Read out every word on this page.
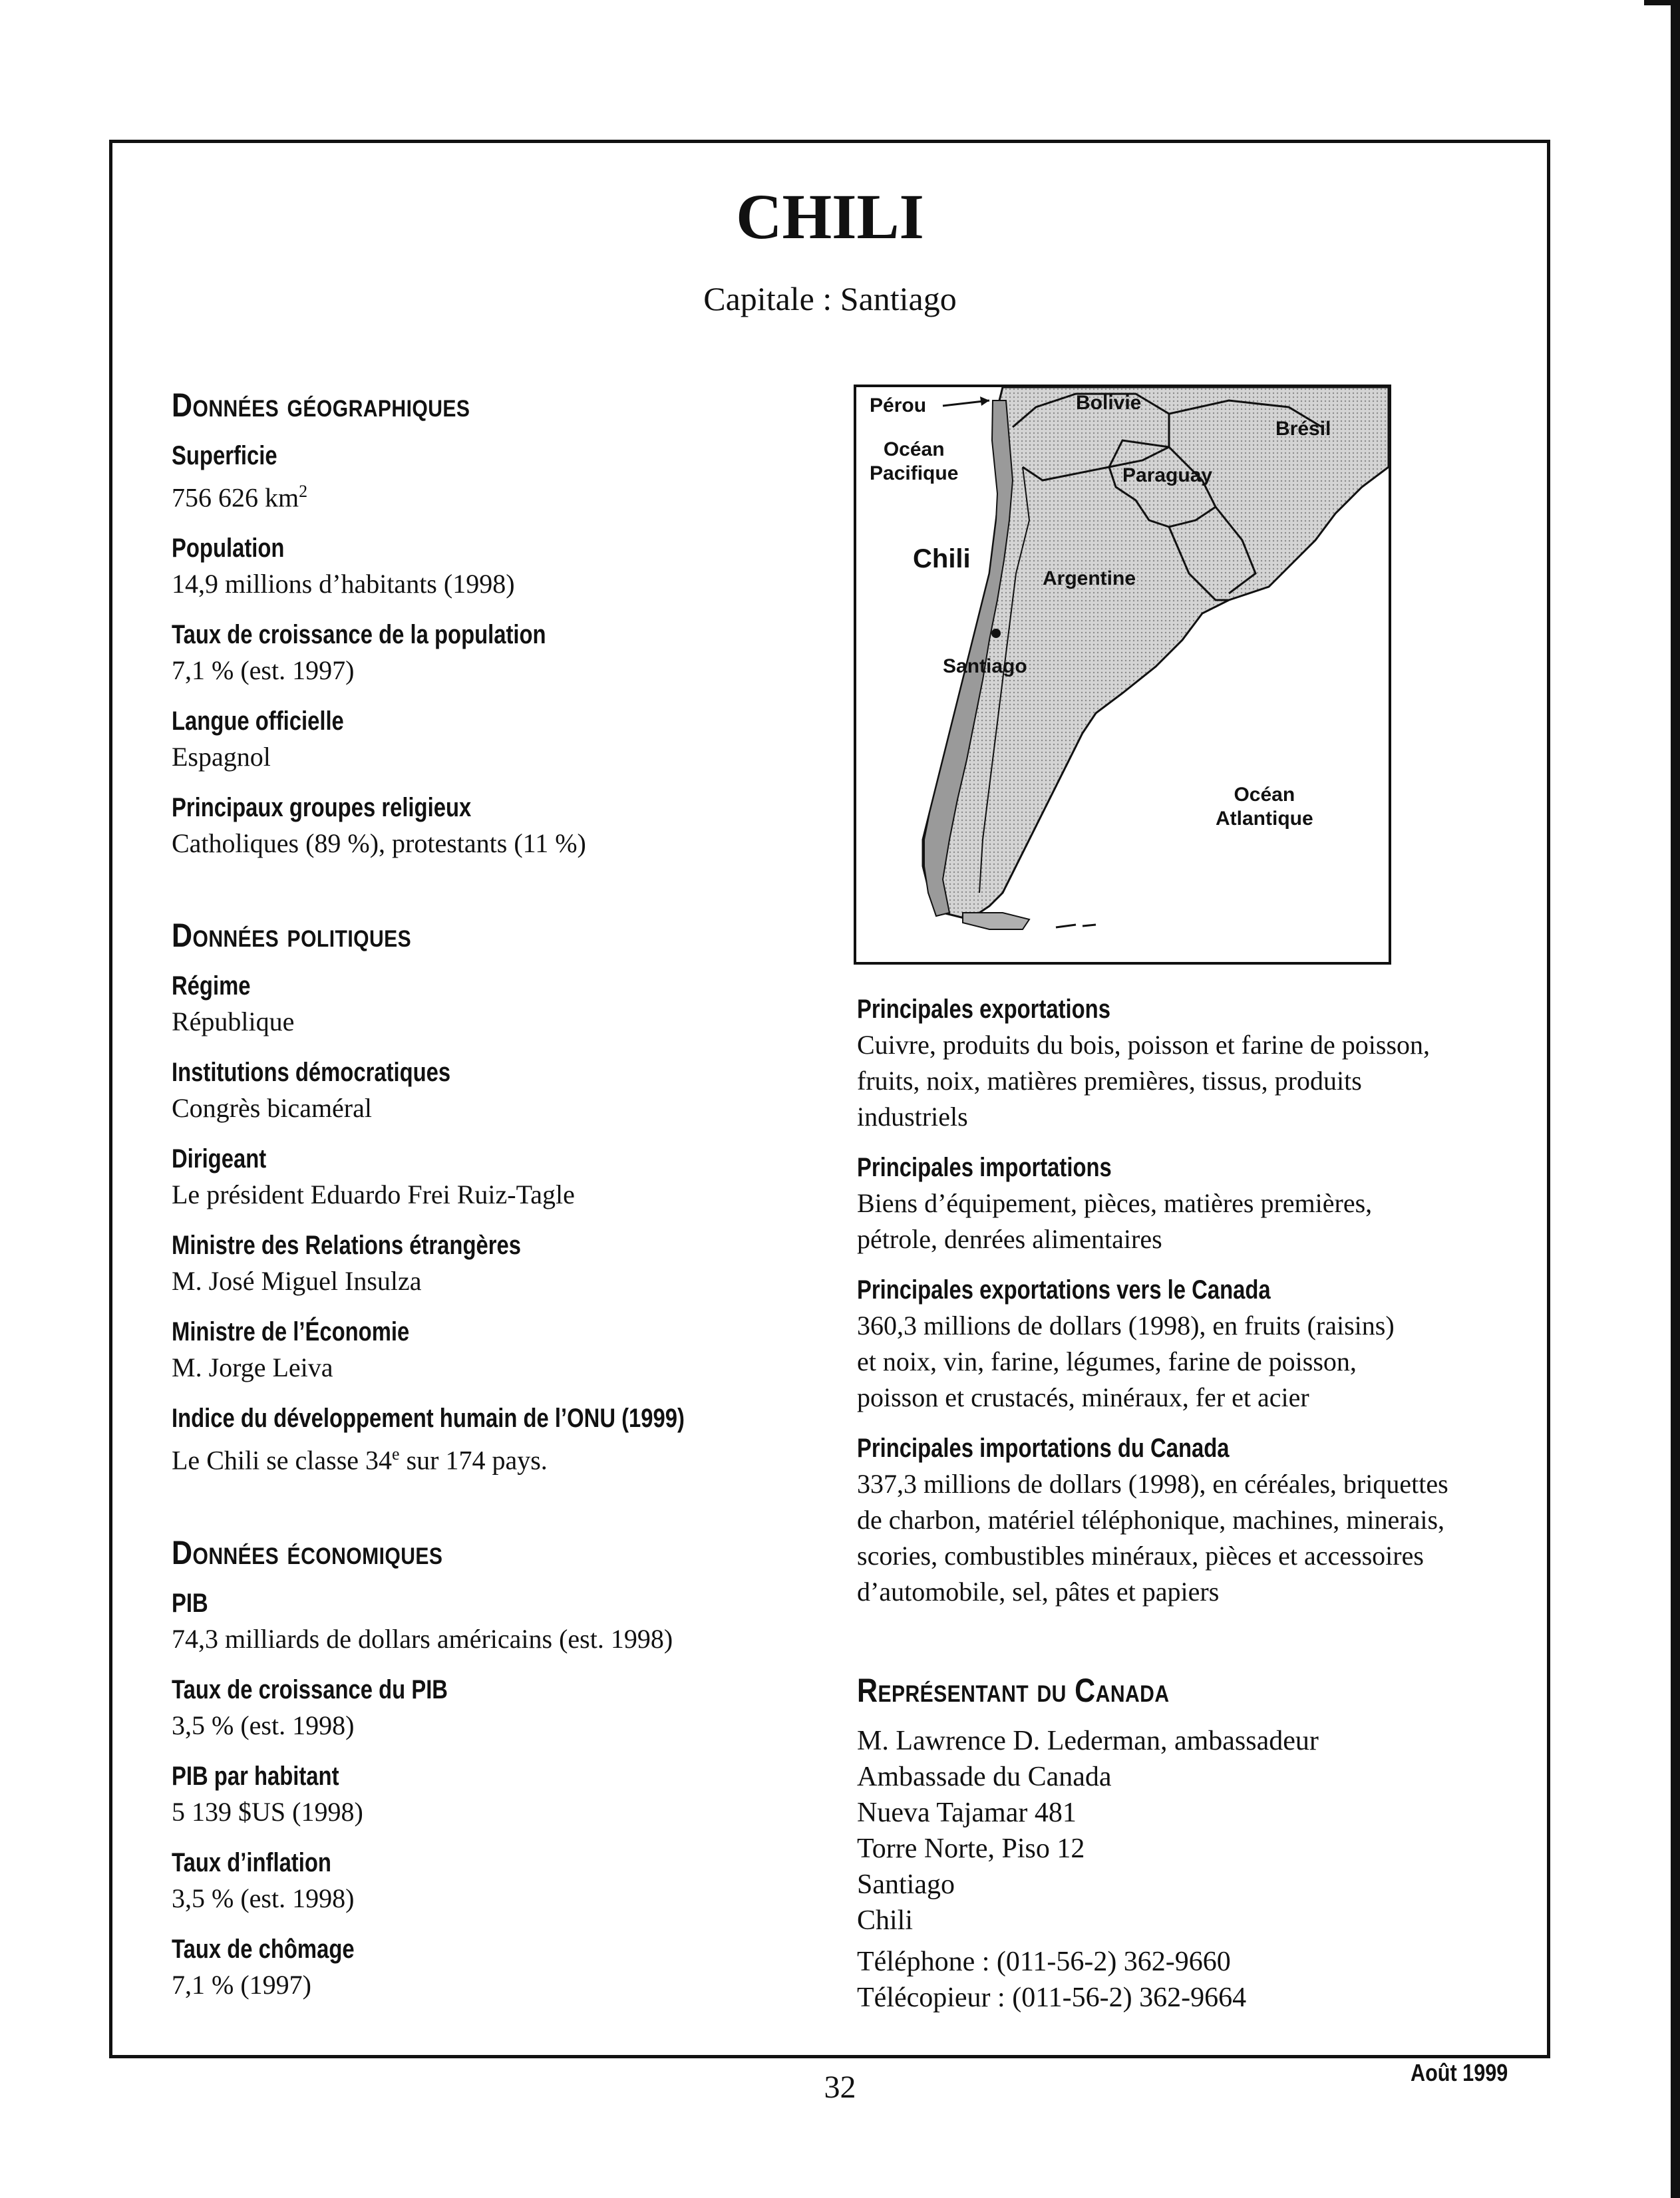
CHILI
Capitale : Santiago
Données géographiques
Superficie
756 626 $km^2$
Population
14,9 millions d’habitants (1998)
Taux de croissance de la population
7,1 % (est. 1997)
Langue officielle
Espagnol
Principaux groupes religieux
Catholiques (89 %), protestants (11 %)
Données politiques
Régime
République
Institutions démocratiques
Congrès bicaméral
Dirigeant
Le président Eduardo Frei Ruiz-Tagle
Ministre des Relations étrangères
M. José Miguel Insulza
Ministre de l’Économie
M. Jorge Leiva
Indice du développement humain de l’ONU (1999)
Le Chili se classe 34e sur 174 pays.
Données économiques
PIB
74,3 milliards de dollars américains (est. 1998)
Taux de croissance du PIB
3,5 % (est. 1998)
PIB par habitant
5 139 $US (1998)
Taux d’inflation
3,5 % (est. 1998)
Taux de chômage
7,1 % (1997)
Pérou	Bolivie
Brésil
Océan
Pacifique	Paraguay
Chili
Argentine
Santiago
Océan
Atlantique
Principales exportations
Cuivre, produits du bois, poisson et farine de poisson,
fruits, noix, matières premières, tissus, produits
industriels
Principales importations
Biens d’équipement, pièces, matières premières,
pétrole, denrées alimentaires
Principales exportations vers le Canada
360,3 millions de dollars (1998), en fruits (raisins)
et noix, vin, farine, légumes, farine de poisson,
poisson et crustacés, minéraux, fer et acier
Principales importations du Canada
337,3 millions de dollars (1998), en céréales, briquettes
de charbon, matériel téléphonique, machines, minerais,
scories, combustibles minéraux, pièces et accessoires
d’automobile, sel, pâtes et papiers
Représentant du Canada
M. Lawrence D. Lederman, ambassadeur
Ambassade du Canada
Nueva Tajamar 481
Torre Norte, Piso 12
Santiago
Chili
Téléphone : (011-56-2) 362-9660
Télécopieur : (011-56-2) 362-9664
32	Août 1999
